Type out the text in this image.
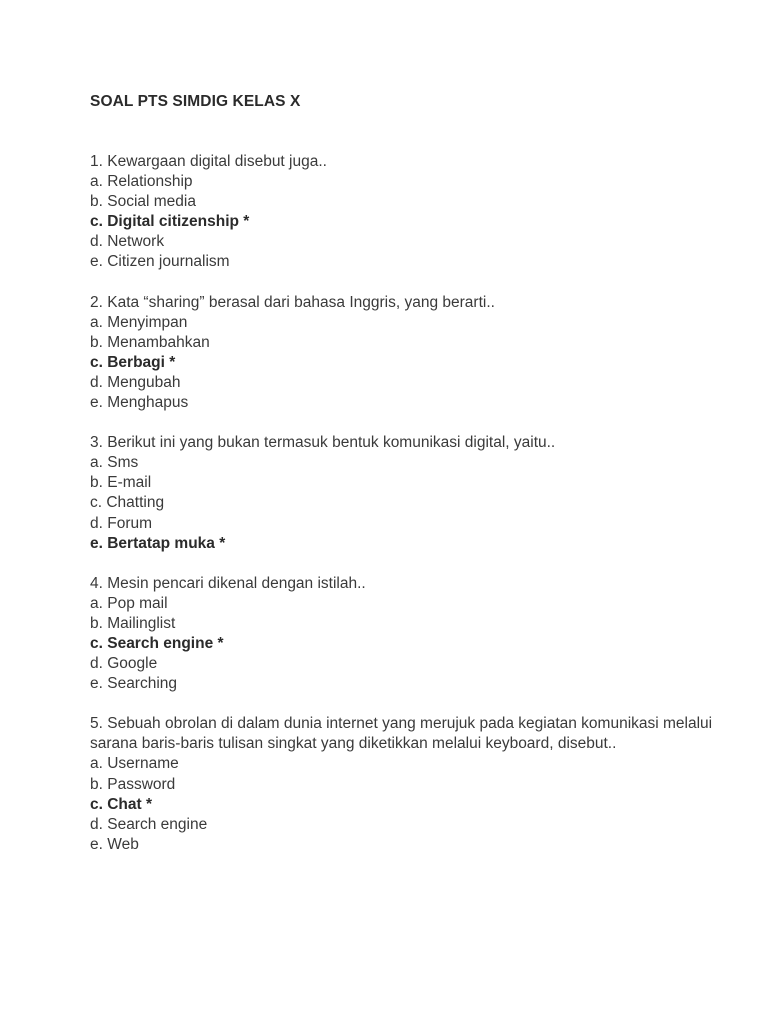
SOAL PTS SIMDIG KELAS X
1. Kewargaan digital disebut juga..
a. Relationship
b. Social media
c. Digital citizenship *
d. Network
e. Citizen journalism
2. Kata “sharing” berasal dari bahasa Inggris, yang berarti..
a. Menyimpan
b. Menambahkan
c. Berbagi *
d. Mengubah
e. Menghapus
3. Berikut ini yang bukan termasuk bentuk komunikasi digital, yaitu..
a. Sms
b. E-mail
c. Chatting
d. Forum
e. Bertatap muka *
4. Mesin pencari dikenal dengan istilah..
a. Pop mail
b. Mailinglist
c. Search engine *
d. Google
e. Searching
5. Sebuah obrolan di dalam dunia internet yang merujuk pada kegiatan komunikasi melalui sarana baris-baris tulisan singkat yang diketikkan melalui keyboard, disebut..
a. Username
b. Password
c. Chat *
d. Search engine
e. Web
